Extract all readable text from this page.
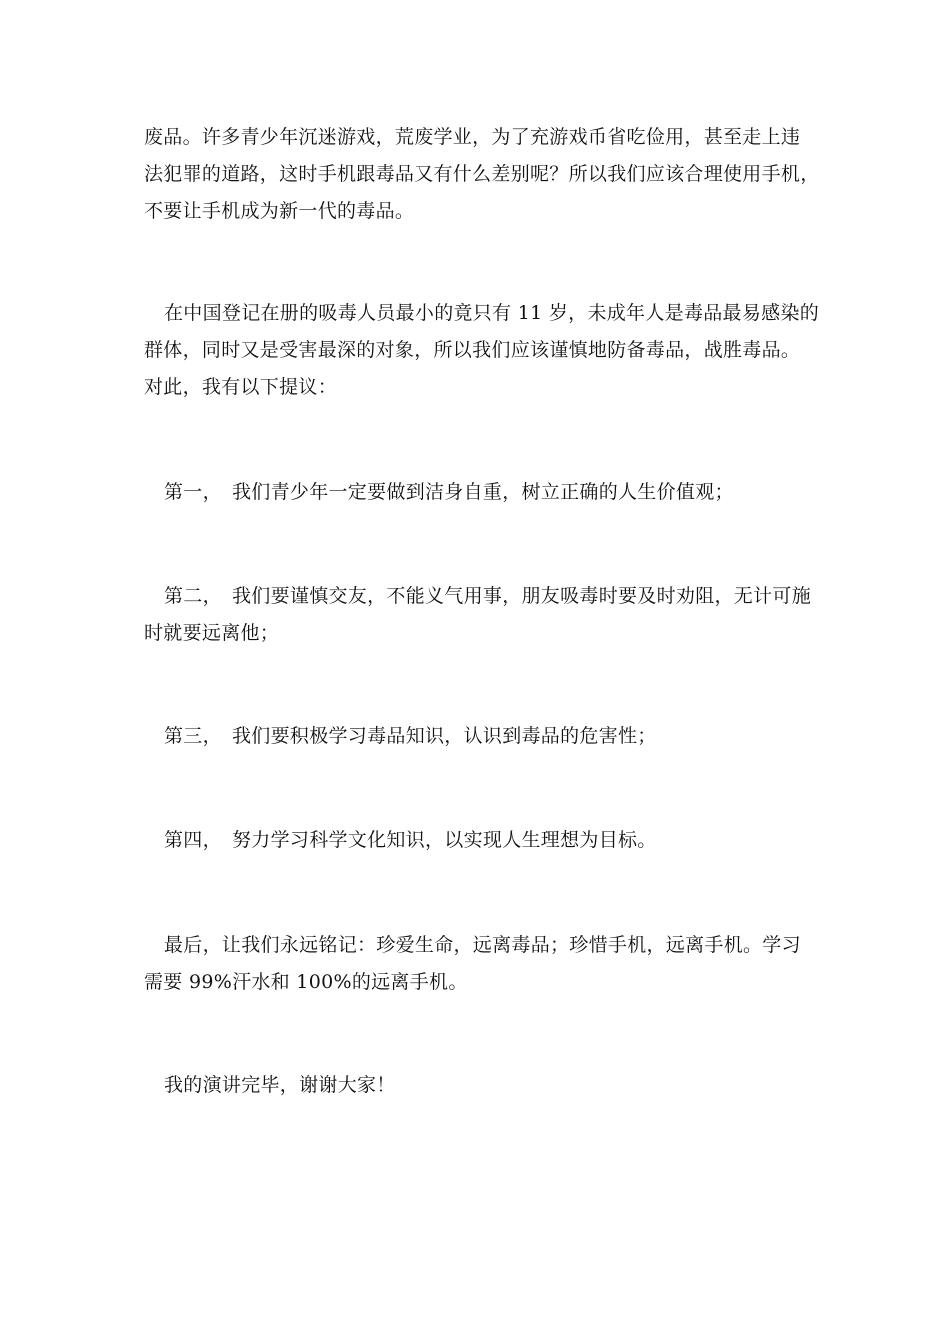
废品。许多青少年沉迷游戏，荒废学业，为了充游戏币省吃俭用，甚至走上违
法犯罪的道路，这时手机跟毒品又有什么差别呢？所以我们应该合理使用手机，
不要让手机成为新一代的毒品。

在中国登记在册的吸毒人员最小的竟只有 11 岁，未成年人是毒品最易感染的
群体，同时又是受害最深的对象，所以我们应该谨慎地防备毒品，战胜毒品。
对此，我有以下提议：

第一， 我们青少年一定要做到洁身自重，树立正确的人生价值观；

第二， 我们要谨慎交友，不能义气用事，朋友吸毒时要及时劝阻，无计可施
时就要远离他；

第三， 我们要积极学习毒品知识，认识到毒品的危害性；

第四， 努力学习科学文化知识，以实现人生理想为目标。

最后，让我们永远铭记：珍爱生命，远离毒品；珍惜手机，远离手机。学习
需要 99%汗水和 100%的远离手机。

我的演讲完毕，谢谢大家！
